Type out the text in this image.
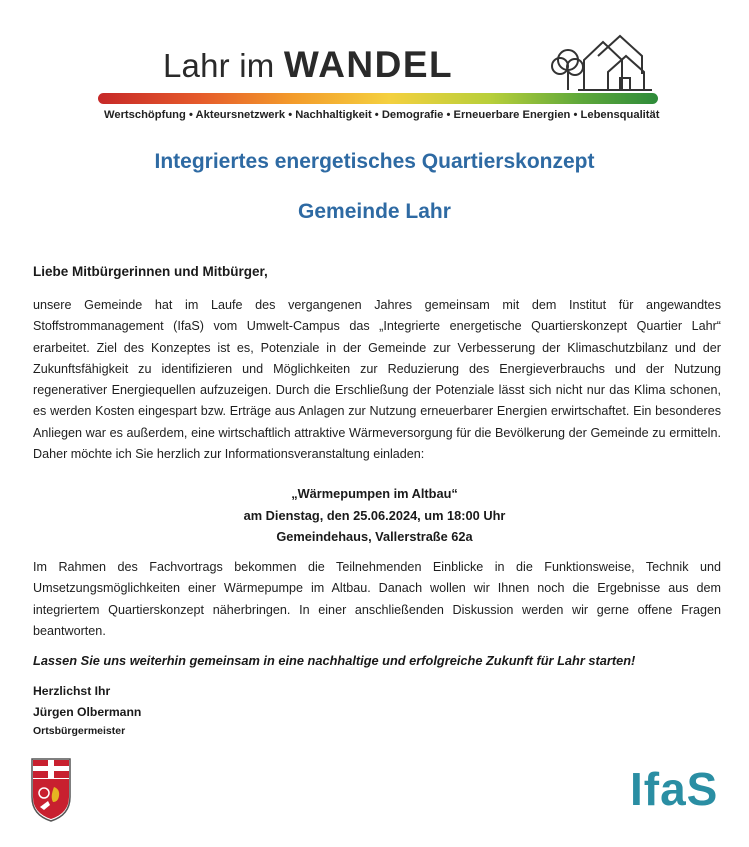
Lahr im WANDEL
Wertschöpfung • Akteursnetzwerk • Nachhaltigkeit • Demografie • Erneuerbare Energien • Lebensqualität
Integriertes energetisches Quartierskonzept
Gemeinde Lahr
Liebe Mitbürgerinnen und Mitbürger,
unsere Gemeinde hat im Laufe des vergangenen Jahres gemeinsam mit dem Institut für angewandtes Stoffstrommanagement (IfaS) vom Umwelt-Campus das „Integrierte energetische Quartierskonzept Quartier Lahr“ erarbeitet. Ziel des Konzeptes ist es, Potenziale in der Gemeinde zur Verbesserung der Klimaschutzbilanz und der Zukunftsfähigkeit zu identifizieren und Möglichkeiten zur Reduzierung des Energieverbrauchs und der Nutzung regenerativer Energiequellen aufzuzeigen. Durch die Erschließung der Potenziale lässt sich nicht nur das Klima schonen, es werden Kosten eingespart bzw. Erträge aus Anlagen zur Nutzung erneuerbarer Energien erwirtschaftet. Ein besonderes Anliegen war es außerdem, eine wirtschaftlich attraktive Wärmeversorgung für die Bevölkerung der Gemeinde zu ermitteln. Daher möchte ich Sie herzlich zur Informationsveranstaltung einladen:
„Wärmepumpen im Altbau“
am Dienstag, den 25.06.2024, um 18:00 Uhr
Gemeindehaus, Vallerstraße 62a
Im Rahmen des Fachvortrags bekommen die Teilnehmenden Einblicke in die Funktionsweise, Technik und Umsetzungsmöglichkeiten einer Wärmepumpe im Altbau. Danach wollen wir Ihnen noch die Ergebnisse aus dem integriertem Quartierskonzept näherbringen. In einer anschließenden Diskussion werden wir gerne offene Fragen beantworten.
Lassen Sie uns weiterhin gemeinsam in eine nachhaltige und erfolgreiche Zukunft für Lahr starten!
Herzlichst Ihr
Jürgen Olbermann
Ortsbürgermeister
IfaS
